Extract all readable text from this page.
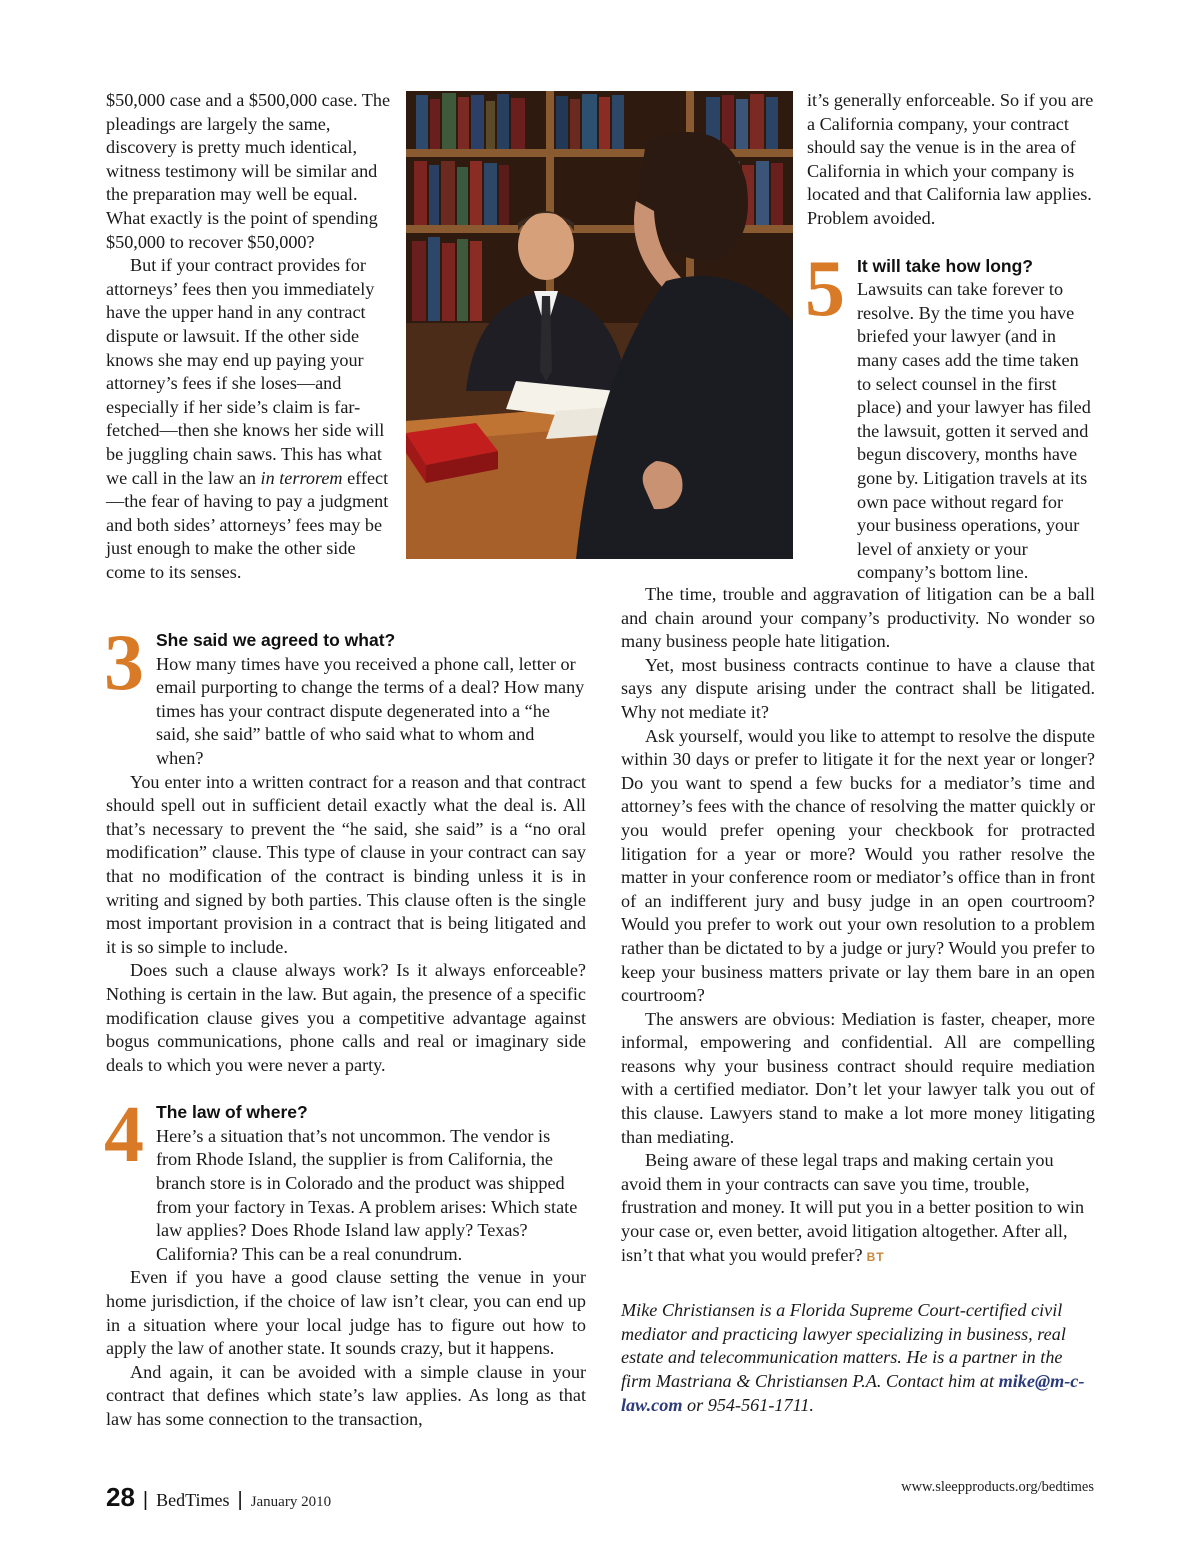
$50,000 case and a $500,000 case. The pleadings are largely the same, discovery is pretty much identical, witness testimony will be similar and the preparation may well be equal. What exactly is the point of spending $50,000 to recover $50,000?

But if your contract provides for attorneys’ fees then you immediately have the upper hand in any contract dispute or lawsuit. If the other side knows she may end up paying your attorney’s fees if she loses—and especially if her side’s claim is far-fetched—then she knows her side will be juggling chain saws. This has what we call in the law an in terrorem effect—the fear of having to pay a judgment and both sides’ attorneys’ fees may be just enough to make the other side come to its senses.

3 She said we agreed to what?

How many times have you received a phone call, letter or email purporting to change the terms of a deal? How many times has your contract dispute degenerated into a “he said, she said” battle of who said what to whom and when?

You enter into a written contract for a reason and that contract should spell out in sufficient detail exactly what the deal is. All that’s necessary to prevent the “he said, she said” is a “no oral modification” clause. This type of clause in your contract can say that no modification of the contract is binding unless it is in writing and signed by both parties. This clause often is the single most important provision in a contract that is being litigated and it is so simple to include.

Does such a clause always work? Is it always enforceable? Nothing is certain in the law. But again, the presence of a specific modification clause gives you a competitive advantage against bogus communications, phone calls and real or imaginary side deals to which you were never a party.

4 The law of where?

Here’s a situation that’s not uncommon. The vendor is from Rhode Island, the supplier is from California, the branch store is in Colorado and the product was shipped from your factory in Texas. A problem arises: Which state law applies? Does Rhode Island law apply? Texas? California? This can be a real conundrum.

Even if you have a good clause setting the venue in your home jurisdiction, if the choice of law isn’t clear, you can end up in a situation where your local judge has to figure out how to apply the law of another state. It sounds crazy, but it happens.

And again, it can be avoided with a simple clause in your contract that defines which state’s law applies. As long as that law has some connection to the transaction,

it’s generally enforceable. So if you are a California company, your contract should say the venue is in the area of California in which your company is located and that California law applies. Problem avoided.

5 It will take how long?

Lawsuits can take forever to resolve. By the time you have briefed your lawyer (and in many cases add the time taken to select counsel in the first place) and your lawyer has filed the lawsuit, gotten it served and begun discovery, months have gone by. Litigation travels at its own pace without regard for your business operations, your level of anxiety or your company’s bottom line.

The time, trouble and aggravation of litigation can be a ball and chain around your company’s productivity. No wonder so many business people hate litigation.

Yet, most business contracts continue to have a clause that says any dispute arising under the contract shall be litigated. Why not mediate it?

Ask yourself, would you like to attempt to resolve the dispute within 30 days or prefer to litigate it for the next year or longer? Do you want to spend a few bucks for a mediator’s time and attorney’s fees with the chance of resolving the matter quickly or you would prefer opening your checkbook for protracted litigation for a year or more? Would you rather resolve the matter in your conference room or mediator’s office than in front of an indifferent jury and busy judge in an open courtroom? Would you prefer to work out your own resolution to a problem rather than be dictated to by a judge or jury? Would you prefer to keep your business matters private or lay them bare in an open courtroom?

The answers are obvious: Mediation is faster, cheaper, more informal, empowering and confidential. All are compelling reasons why your business contract should require mediation with a certified mediator. Don’t let your lawyer talk you out of this clause. Lawyers stand to make a lot more money litigating than mediating.

Being aware of these legal traps and making certain you avoid them in your contracts can save you time, trouble, frustration and money. It will put you in a better position to win your case or, even better, avoid litigation altogether. After all, isn’t that what you would prefer? BT

Mike Christiansen is a Florida Supreme Court-certified civil mediator and practicing lawyer specializing in business, real estate and telecommunication matters. He is a partner in the firm Mastriana & Christiansen P.A. Contact him at mike@m-c-law.com or 954-561-1711.

28 | BedTimes | January 2010
www.sleepproducts.org/bedtimes
